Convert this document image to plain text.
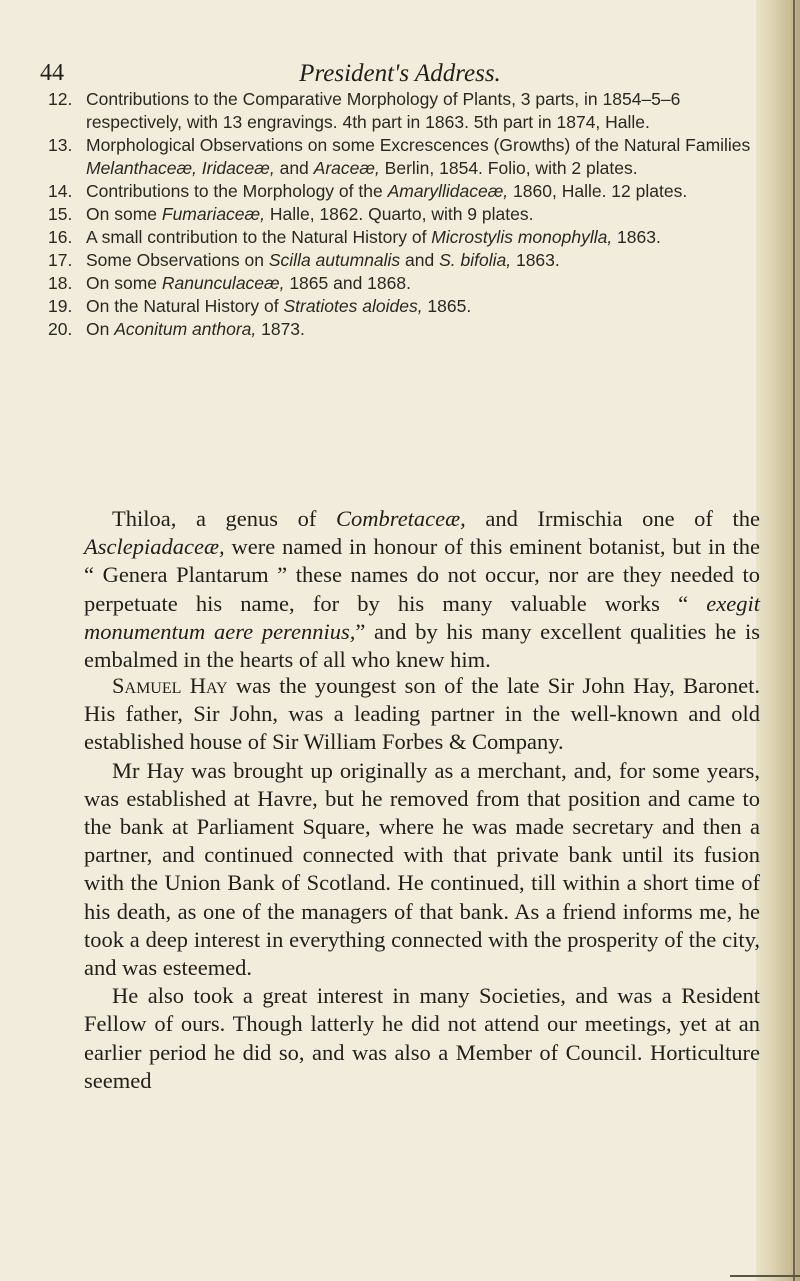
44	President's Address.
12. Contributions to the Comparative Morphology of Plants, 3 parts, in 1854–5–6 respectively, with 13 engravings. 4th part in 1863. 5th part in 1874, Halle.
13. Morphological Observations on some Excrescences (Growths) of the Natural Families Melanthaceæ, Iridaceæ, and Araceæ, Berlin, 1854. Folio, with 2 plates.
14. Contributions to the Morphology of the Amaryllidaceæ, 1860, Halle. 12 plates.
15. On some Fumariaceæ, Halle, 1862. Quarto, with 9 plates.
16. A small contribution to the Natural History of Microstylis monophylla, 1863.
17. Some Observations on Scilla autumnalis and S. bifolia, 1863.
18. On some Ranunculaceæ, 1865 and 1868.
19. On the Natural History of Stratiotes aloides, 1865.
20. On Aconitum anthora, 1873.

Thiloa, a genus of Combretaceæ, and Irmischia one of the Asclepiadaceæ, were named in honour of this eminent botanist, but in the “ Genera Plantarum ” these names do not occur, nor are they needed to perpetuate his name, for by his many valuable works “ exegit monumentum aere perennius,” and by his many excellent qualities he is embalmed in the hearts of all who knew him.

Samuel Hay was the youngest son of the late Sir John Hay, Baronet. His father, Sir John, was a leading partner in the well-known and old established house of Sir William Forbes & Company.

Mr Hay was brought up originally as a merchant, and, for some years, was established at Havre, but he removed from that position and came to the bank at Parliament Square, where he was made secretary and then a partner, and continued connected with that private bank until its fusion with the Union Bank of Scotland. He continued, till within a short time of his death, as one of the managers of that bank. As a friend informs me, he took a deep interest in everything connected with the prosperity of the city, and was esteemed.

He also took a great interest in many Societies, and was a Resident Fellow of ours. Though latterly he did not attend our meetings, yet at an earlier period he did so, and was also a Member of Council. Horticulture seemed
